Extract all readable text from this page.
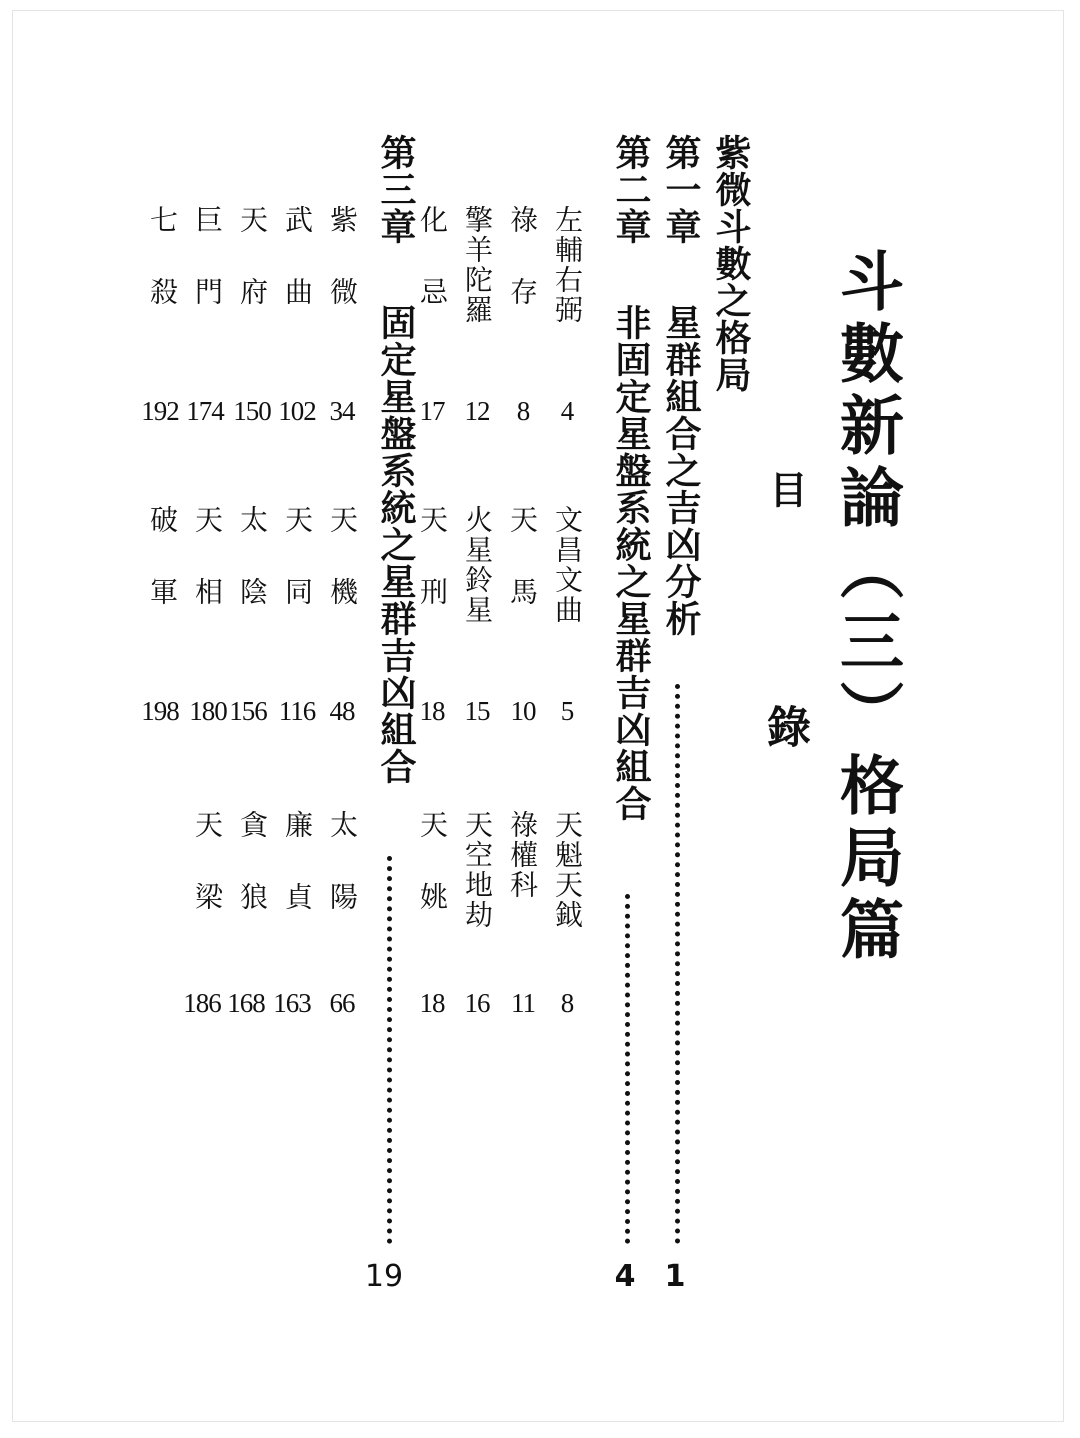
斗數新論（三）格局篇
目
錄
紫微斗數之格局
第一章
星群組合之吉凶分析
1
第二章
非固定星盤系統之星群吉凶組合
4
第三章
固定星盤系統之星群吉凶組合
19
左輔右弼
4
文昌文曲
5
天魁天鉞
8
祿存
8
天馬
10
祿權科
11
擎羊陀羅
12
火星鈴星
15
天空地劫
16
化忌
17
天刑
18
天姚
18
紫微
34
天機
48
太陽
66
武曲
102
天同
116
廉貞
163
天府
150
太陰
156
貪狼
168
巨門
174
天相
180
天梁
186
七殺
192
破軍
198
